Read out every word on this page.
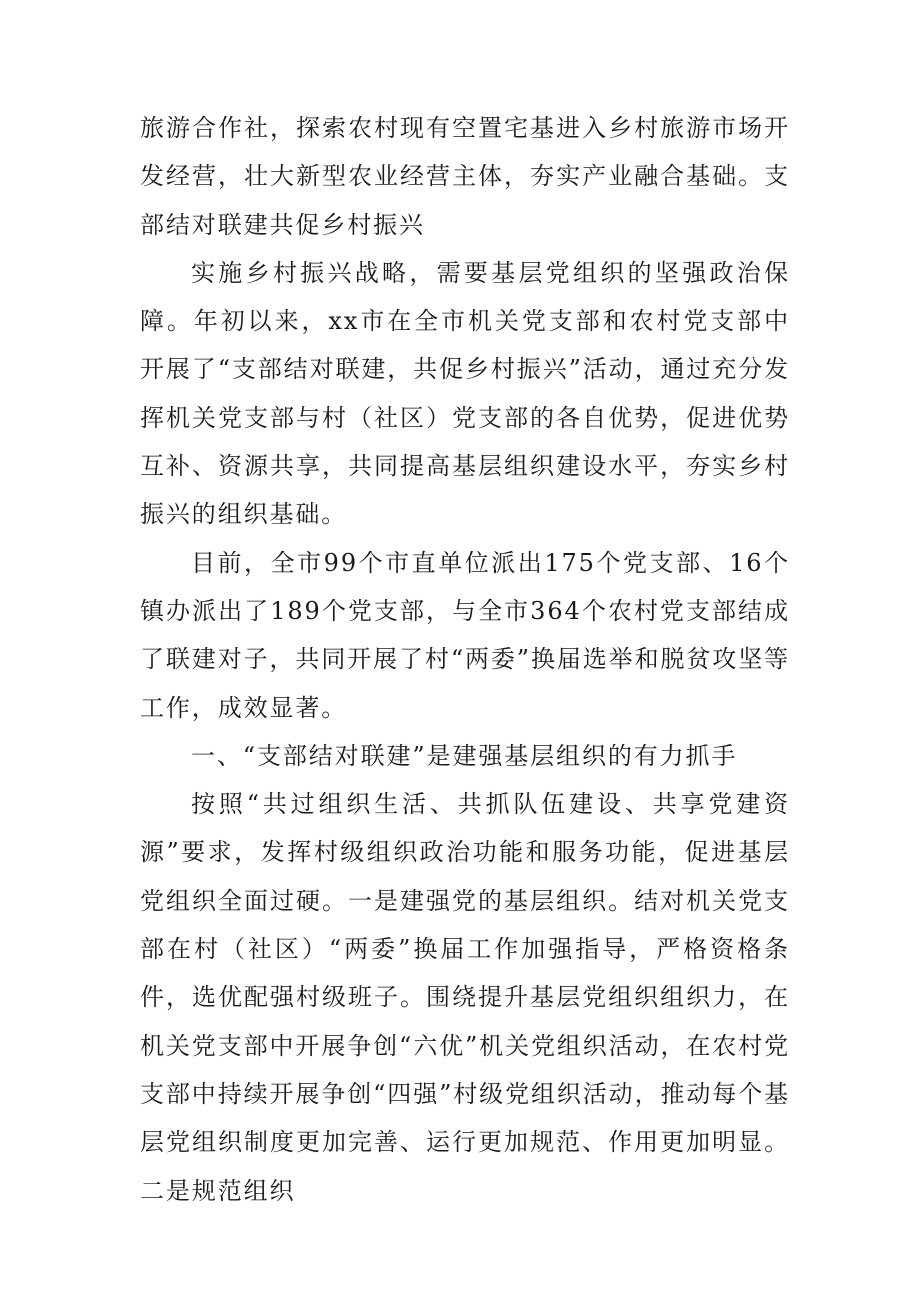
旅游合作社，探索农村现有空置宅基进入乡村旅游市场开发经营，壮大新型农业经营主体，夯实产业融合基础。支部结对联建共促乡村振兴

实施乡村振兴战略，需要基层党组织的坚强政治保障。年初以来，xx市在全市机关党支部和农村党支部中开展了“支部结对联建，共促乡村振兴”活动，通过充分发挥机关党支部与村（社区）党支部的各自优势，促进优势互补、资源共享，共同提高基层组织建设水平，夯实乡村振兴的组织基础。

目前，全市99个市直单位派出175个党支部、16个镇办派出了189个党支部，与全市364个农村党支部结成了联建对子，共同开展了村“两委”换届选举和脱贫攻坚等工作，成效显著。

一、“支部结对联建”是建强基层组织的有力抓手

按照“共过组织生活、共抓队伍建设、共享党建资源”要求，发挥村级组织政治功能和服务功能，促进基层党组织全面过硬。一是建强党的基层组织。结对机关党支部在村（社区）“两委”换届工作加强指导，严格资格条件，选优配强村级班子。围绕提升基层党组织组织力，在机关党支部中开展争创“六优”机关党组织活动，在农村党支部中持续开展争创“四强”村级党组织活动，推动每个基层党组织制度更加完善、运行更加规范、作用更加明显。二是规范组织
